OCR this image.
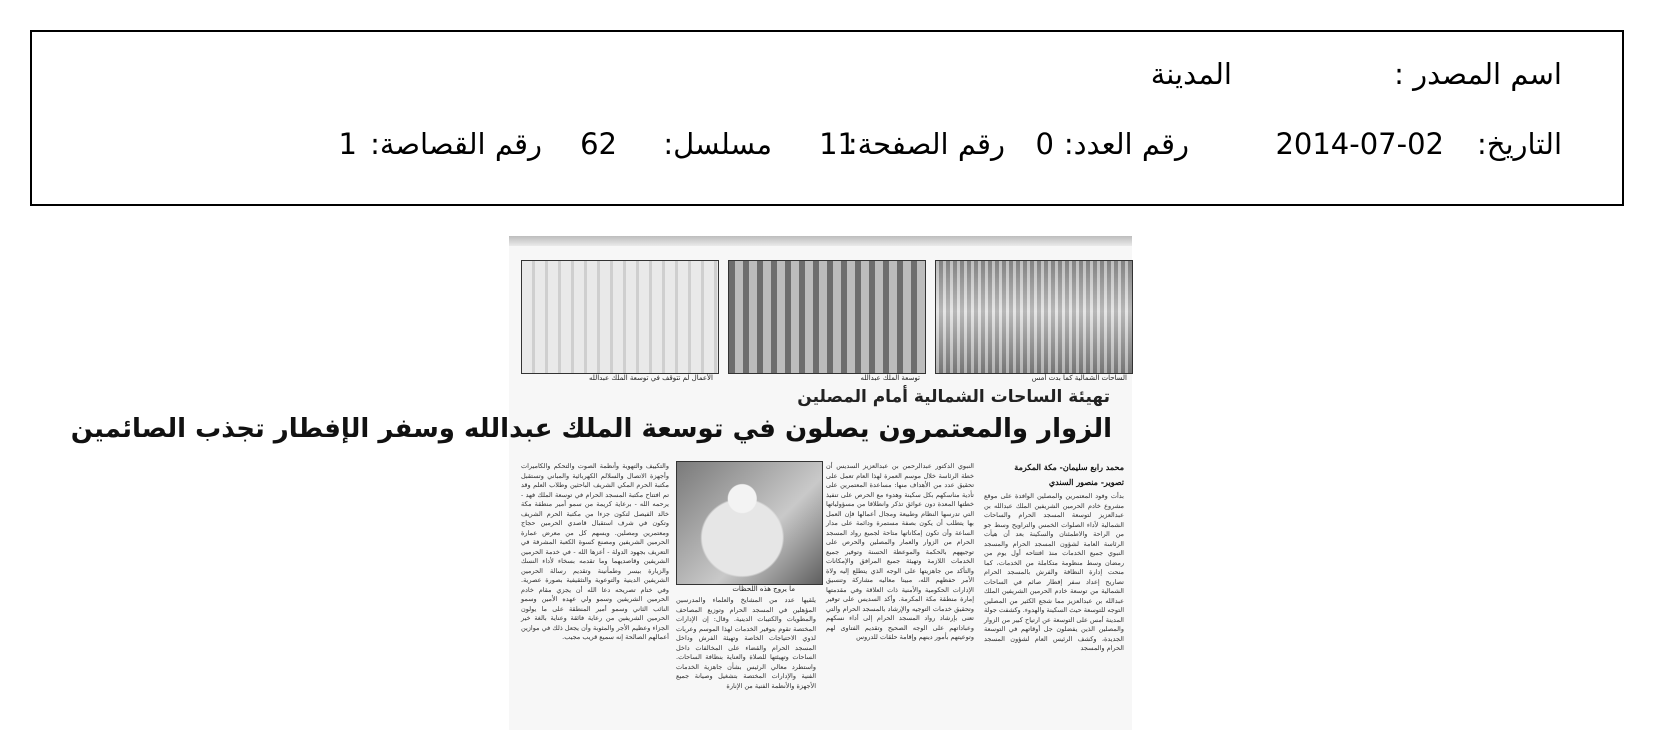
اسم المصدر :
المدينة
التاريخ:
2014-07-02
رقم العدد:
0
رقم الصفحة:
11
مسلسل:
62
رقم القصاصة:
1
الساحات الشمالية كما بدت أمس
توسعة الملك عبدالله
الأعمال لم تتوقف في توسعة الملك عبدالله
تهيئة الساحات الشمالية أمام المصلين
الزوار والمعتمرون يصلون في توسعة الملك عبدالله وسفر الإفطار تجذب الصائمين
محمد رابع سليمان- مكة المكرمة
تصوير- منصور السندي
بدأت وفود المعتمرين والمصلين الوافدة على موقع مشروع خادم الحرمين الشريفين الملك عبدالله بن عبدالعزيز لتوسعة المسجد الحرام والساحات الشمالية لأداء الصلوات الخمس والتراويح وسط جو من الراحة والاطمئنان والسكينة بعد أن هيأت الرئاسة العامة لشؤون المسجد الحرام والمسجد النبوي جميع الخدمات منذ افتتاحه أول يوم من رمضان وسط منظومة متكاملة من الخدمات، كما منحت إدارة النظافة والفرش بالمسجد الحرام تصاريح إعداد سفر إفطار صائم في الساحات الشمالية من توسعة خادم الحرمين الشريفين الملك عبدالله بن عبدالعزيز مما شجع الكثير من المصلين التوجه للتوسعة حيث السكينة والهدوء. وكشفت جولة المدينة أمس على التوسعة عن ارتياح كبير من الزوار والمصلين الذين يفضلون جل أوقاتهم في التوسعة الجديدة، وكشف الرئيس العام لشؤون المسجد الحرام والمسجد
النبوي الدكتور عبدالرحمن بن عبدالعزيز السديس أن خطة الرئاسة خلال موسم العمرة لهذا العام تعمل على تحقيق عدد من الأهداف منها: مساعدة المعتمرين على تأدية مناسكهم بكل سكينة وهدوء مع الحرص على تنفيذ خطتها المعدة دون عوائق تذكر وانطلاقا من مسؤولياتها التي تدرسها النظام وطبيعة ومجال أعمالها فإن العمل بها يتطلب أن يكون بصفة مستمرة ودائمة على مدار الساعة وأن تكون إمكاناتها متاحة لجميع رواد المسجد الحرام من الزوار والعمار والمصلين والحرص على توجيههم بالحكمة والموعظة الحسنة وتوفير جميع الخدمات اللازمة وتهيئة جميع المرافق والإمكانات والتأكد من جاهزيتها على الوجه الذي يتطلع إليه ولاة الأمر حفظهم الله، مبينا معاليه مشاركة وتنسيق الإدارات الحكومية والأمنية ذات العلاقة وفي مقدمتها إمارة منطقة مكة المكرمة. وأكد السديس على توفير وتحقيق خدمات التوجيه والإرشاد بالمسجد الحرام والتي تعنى بإرشاد رواد المسجد الحرام إلى أداء نسكهم وعباداتهم على الوجه الصحيح وتقديم الفتاوى لهم وتوعيتهم بأمور دينهم وإقامة حلقات للدروس
ما يروج هذه اللحظات
يلقيها عدد من المشايخ والعلماء والمدرسين المؤهلين في المسجد الحرام وتوزيع المصاحف والمطويات والكتيبات الدينية. وقال: إن الإدارات المختصة تقوم بتوفير الخدمات لهذا الموسم وعربات لذوي الاحتياجات الخاصة وتهيئة الفرش وداخل المسجد الحرام والقضاء على المخالفات داخل الساحات وتهيئتها للصلاة والعناية بنظافة الساحات. واستطرد معالي الرئيس بشأن جاهزية الخدمات الفنية والإدارات المختصة بتشغيل وصيانة جميع الأجهزة والأنظمة الفنية من الإنارة
والتكييف والتهوية وأنظمة الصوت والتحكم والكاميرات وأجهزة الاتصال والسلالم الكهربائية والمباني وتستقبل مكتبة الحرم المكي الشريف الباحثين وطلاب العلم وقد تم افتتاح مكتبة المسجد الحرام في توسعة الملك فهد - يرحمه الله - برعاية كريمة من سمو أمير منطقة مكة خالد الفيصل لتكون جزءا من مكتبة الحرم الشريف وتكون في شرف استقبال قاصدي الحرمين حجاج ومعتمرين ومصلين. ويسهم كل من معرض عمارة الحرمين الشريفين ومصنع كسوة الكعبة المشرفة في التعريف بجهود الدولة - أعزها الله - في خدمة الحرمين الشريفين وقاصديهما وما تقدمه بسخاء لأداء النسك والزيارة بيسر وطمأنينة وتقديم رسالة الحرمين الشريفين الدينية والتوعوية والتثقيفية بصورة عصرية. وفي ختام تصريحه دعا الله أن يجزي مقام خادم الحرمين الشريفين وسمو ولي عهده الأمين وسمو النائب الثاني وسمو أمير المنطقة على ما يولون الحرمين الشريفين من رعاية فائقة وعناية بالغة خير الجزاء وعظيم الأجر والمثوبة وأن يجعل ذلك في موازين أعمالهم الصالحة إنه سميع قريب مجيب.
